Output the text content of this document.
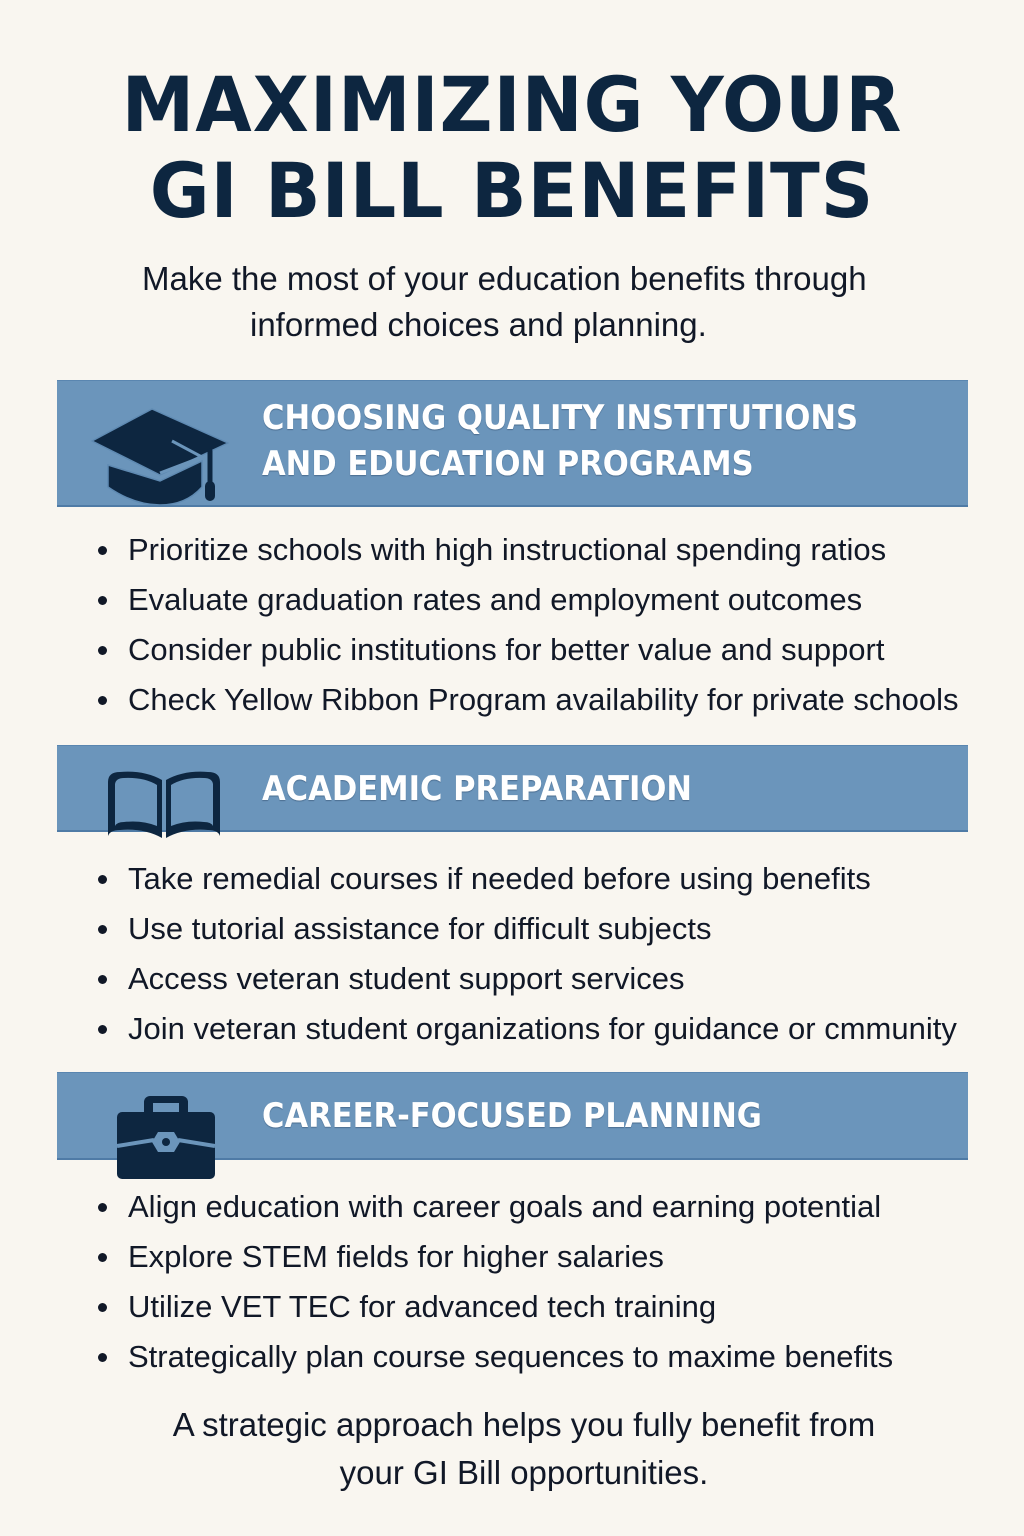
MAXIMIZING YOUR
GI BILL BENEFITS

Make the most of your education benefits through
informed choices and planning.

CHOOSING QUALITY INSTITUTIONS
AND EDUCATION PROGRAMS
Prioritize schools with high instructional spending ratios
Evaluate graduation rates and employment outcomes
Consider public institutions for better value and support
Check Yellow Ribbon Program availability for private schools
ACADEMIC PREPARATION
Take remedial courses if needed before using benefits
Use tutorial assistance for difficult subjects
Access veteran student support services
Join veteran student organizations for guidance or cmmunity
CAREER-FOCUSED PLANNING
Align education with career goals and earning potential
Explore STEM fields for higher salaries
Utilize VET TEC for advanced tech training
Strategically plan course sequences to maxime benefits

A strategic approach helps you fully benefit from
your GI Bill opportunities.
